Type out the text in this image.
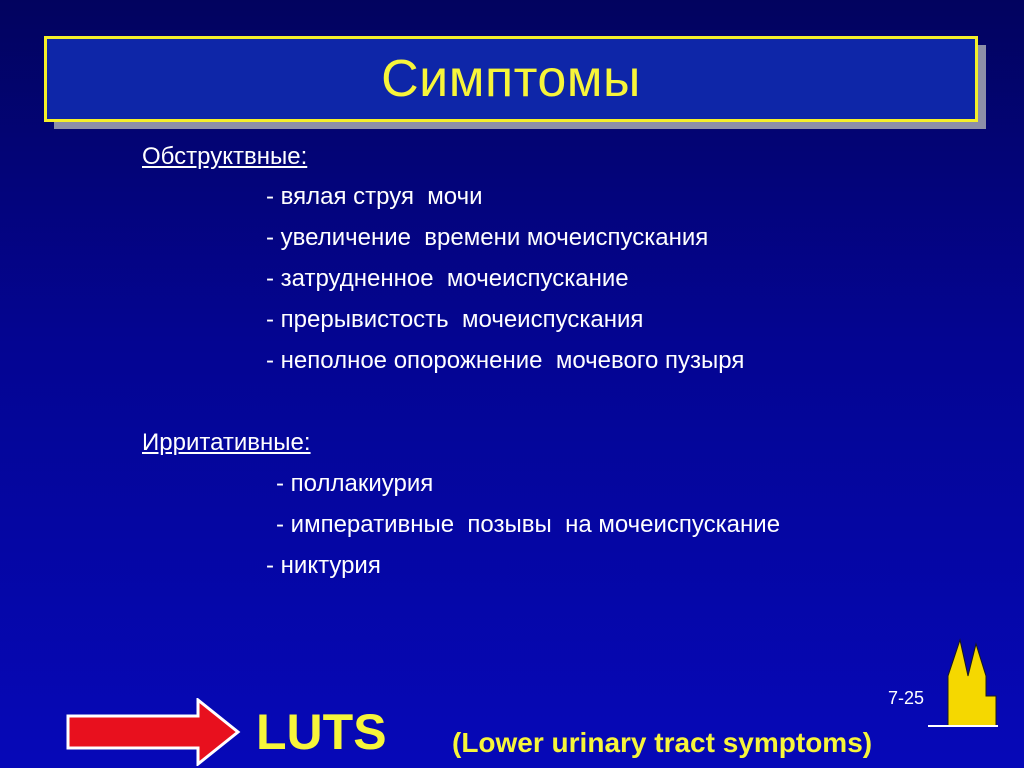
Симптомы
Обструктвные:
- вялая струя  мочи
- увеличение  времени мочеиспускания
- затрудненное  мочеиспускание
- прерывистость  мочеиспускания
- неполное опорожнение  мочевого пузыря
Ирритативные:
- поллакиурия
- императивные  позывы  на мочеиспускание
- никтурия
7-25
LUTS (Lower urinary tract symptoms)
